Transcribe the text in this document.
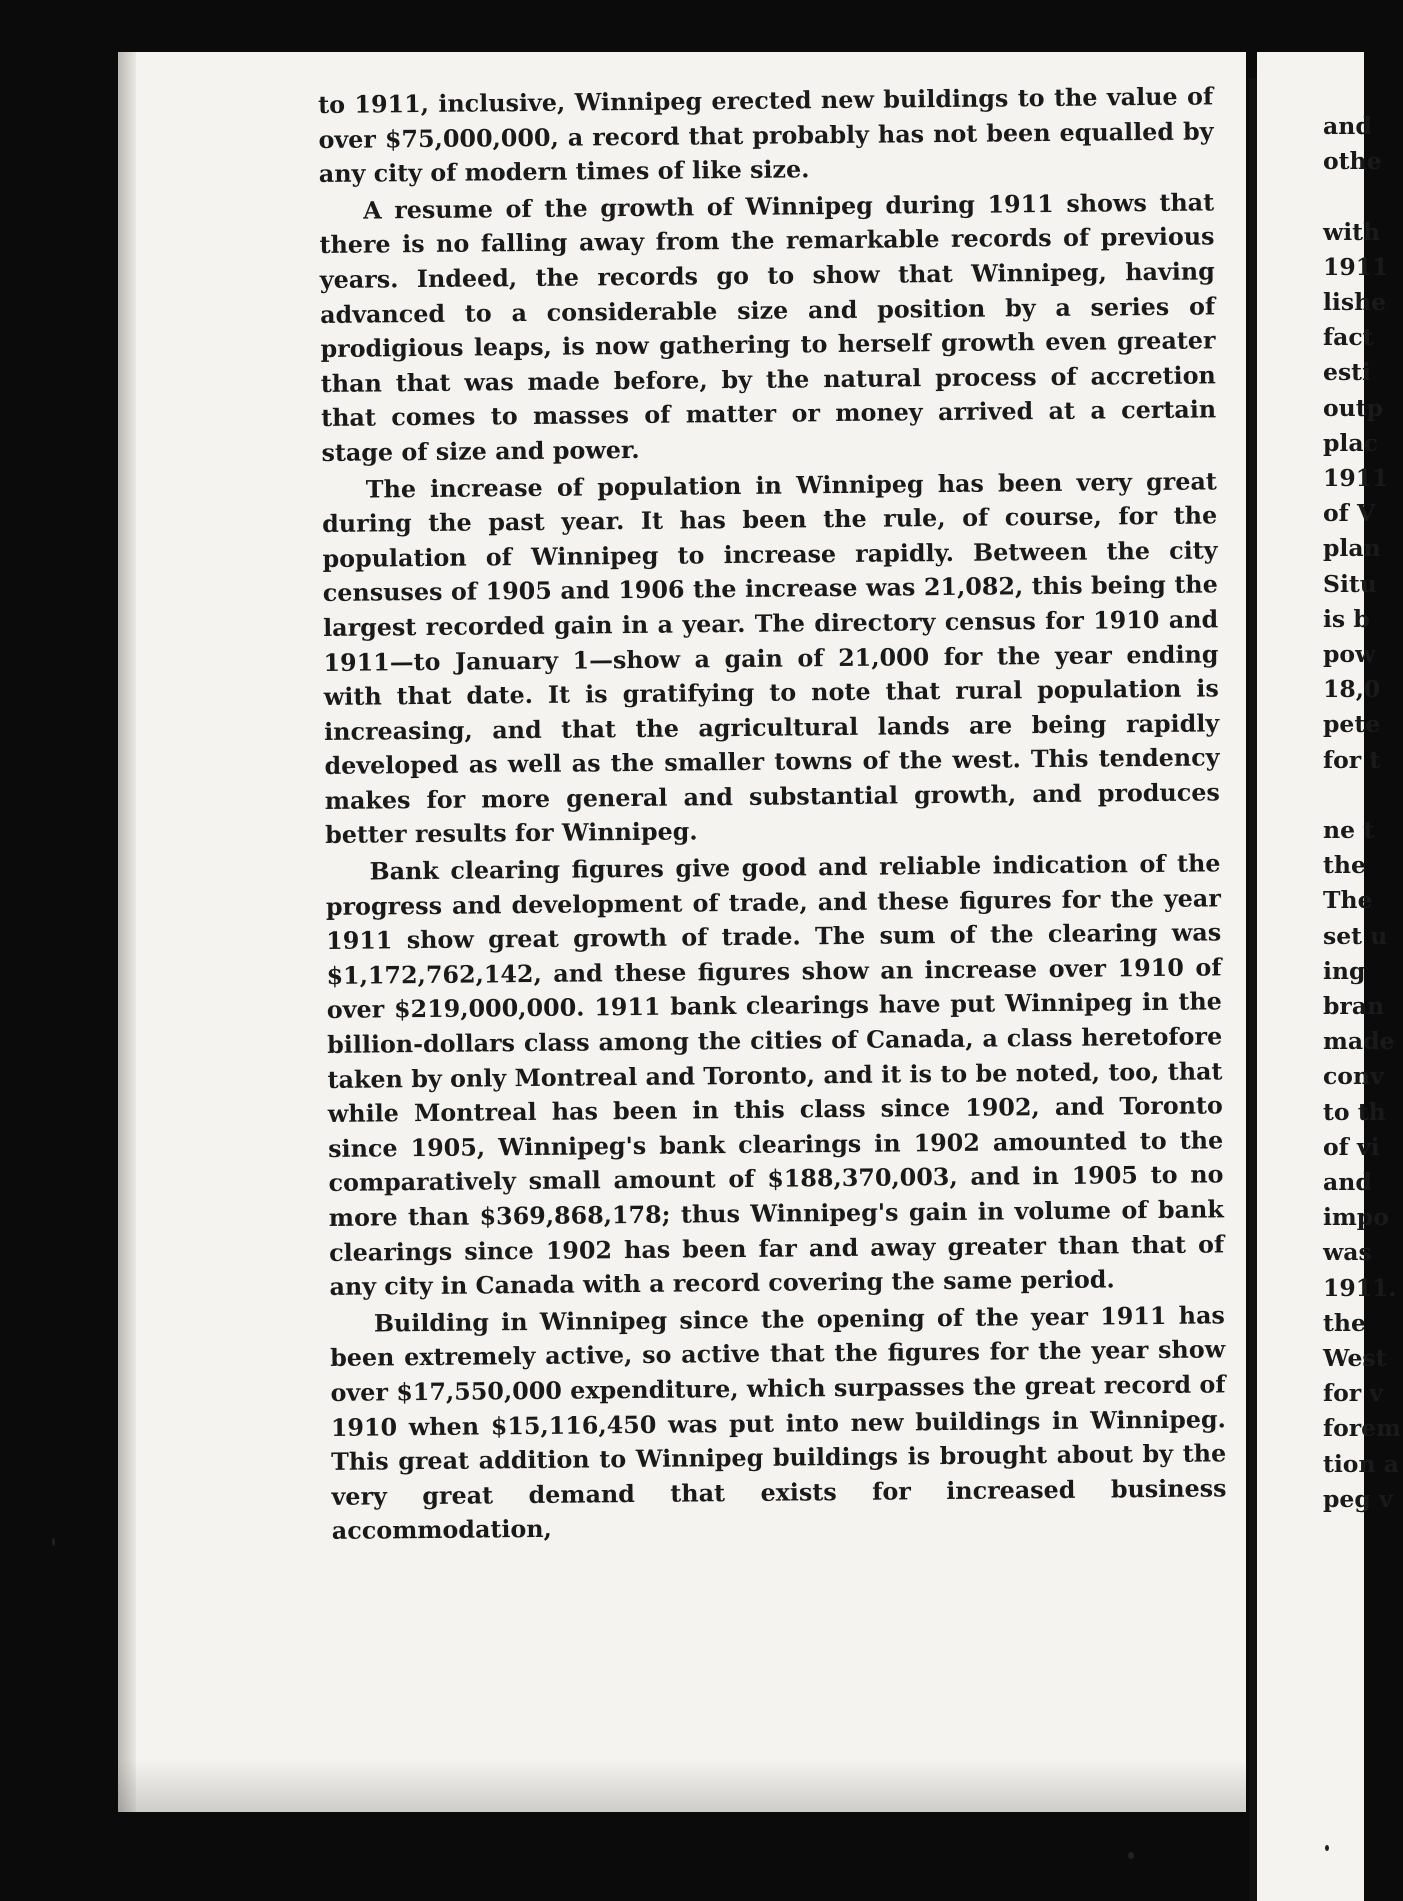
to 1911, inclusive, Winnipeg erected new buildings to the value of over $75,000,000, a record that probably has not been equalled by any city of modern times of like size.

A resume of the growth of Winnipeg during 1911 shows that there is no falling away from the remarkable records of previous years. Indeed, the records go to show that Winnipeg, having advanced to a considerable size and position by a series of prodigious leaps, is now gathering to herself growth even greater than that was made before, by the natural process of accretion that comes to masses of matter or money arrived at a certain stage of size and power.

The increase of population in Winnipeg has been very great during the past year. It has been the rule, of course, for the population of Winnipeg to increase rapidly. Between the city censuses of 1905 and 1906 the increase was 21,082, this being the largest recorded gain in a year. The directory census for 1910 and 1911—to January 1—show a gain of 21,000 for the year ending with that date. It is gratifying to note that rural population is increasing, and that the agricultural lands are being rapidly developed as well as the smaller towns of the west. This tendency makes for more general and substantial growth, and produces better results for Winnipeg.

Bank clearing figures give good and reliable indication of the progress and development of trade, and these figures for the year 1911 show great growth of trade. The sum of the clearing was $1,172,762,142, and these figures show an increase over 1910 of over $219,000,000. 1911 bank clearings have put Winnipeg in the billion-dollars class among the cities of Canada, a class heretofore taken by only Montreal and Toronto, and it is to be noted, too, that while Montreal has been in this class since 1902, and Toronto since 1905, Winnipeg's bank clearings in 1902 amounted to the comparatively small amount of $188,370,003, and in 1905 to no more than $369,868,178; thus Winnipeg's gain in volume of bank clearings since 1902 has been far and away greater than that of any city in Canada with a record covering the same period.

Building in Winnipeg since the opening of the year 1911 has been extremely active, so active that the figures for the year show over $17,550,000 expenditure, which surpasses the great record of 1910 when $15,116,450 was put into new buildings in Winnipeg. This great addition to Winnipeg buildings is brought about by the very great demand that exists for increased business accommodation,

and
othe
with
1911
lishe
fact
esti
outp
plac
1911
of V
plan
Situ
is b
pow
18,0
pete
for t
ne t
the
The
set u
ing
bran
made
conv
to th
of vi
and
impo
was
1911.
the
West
for v
forem
tion a
peg v
